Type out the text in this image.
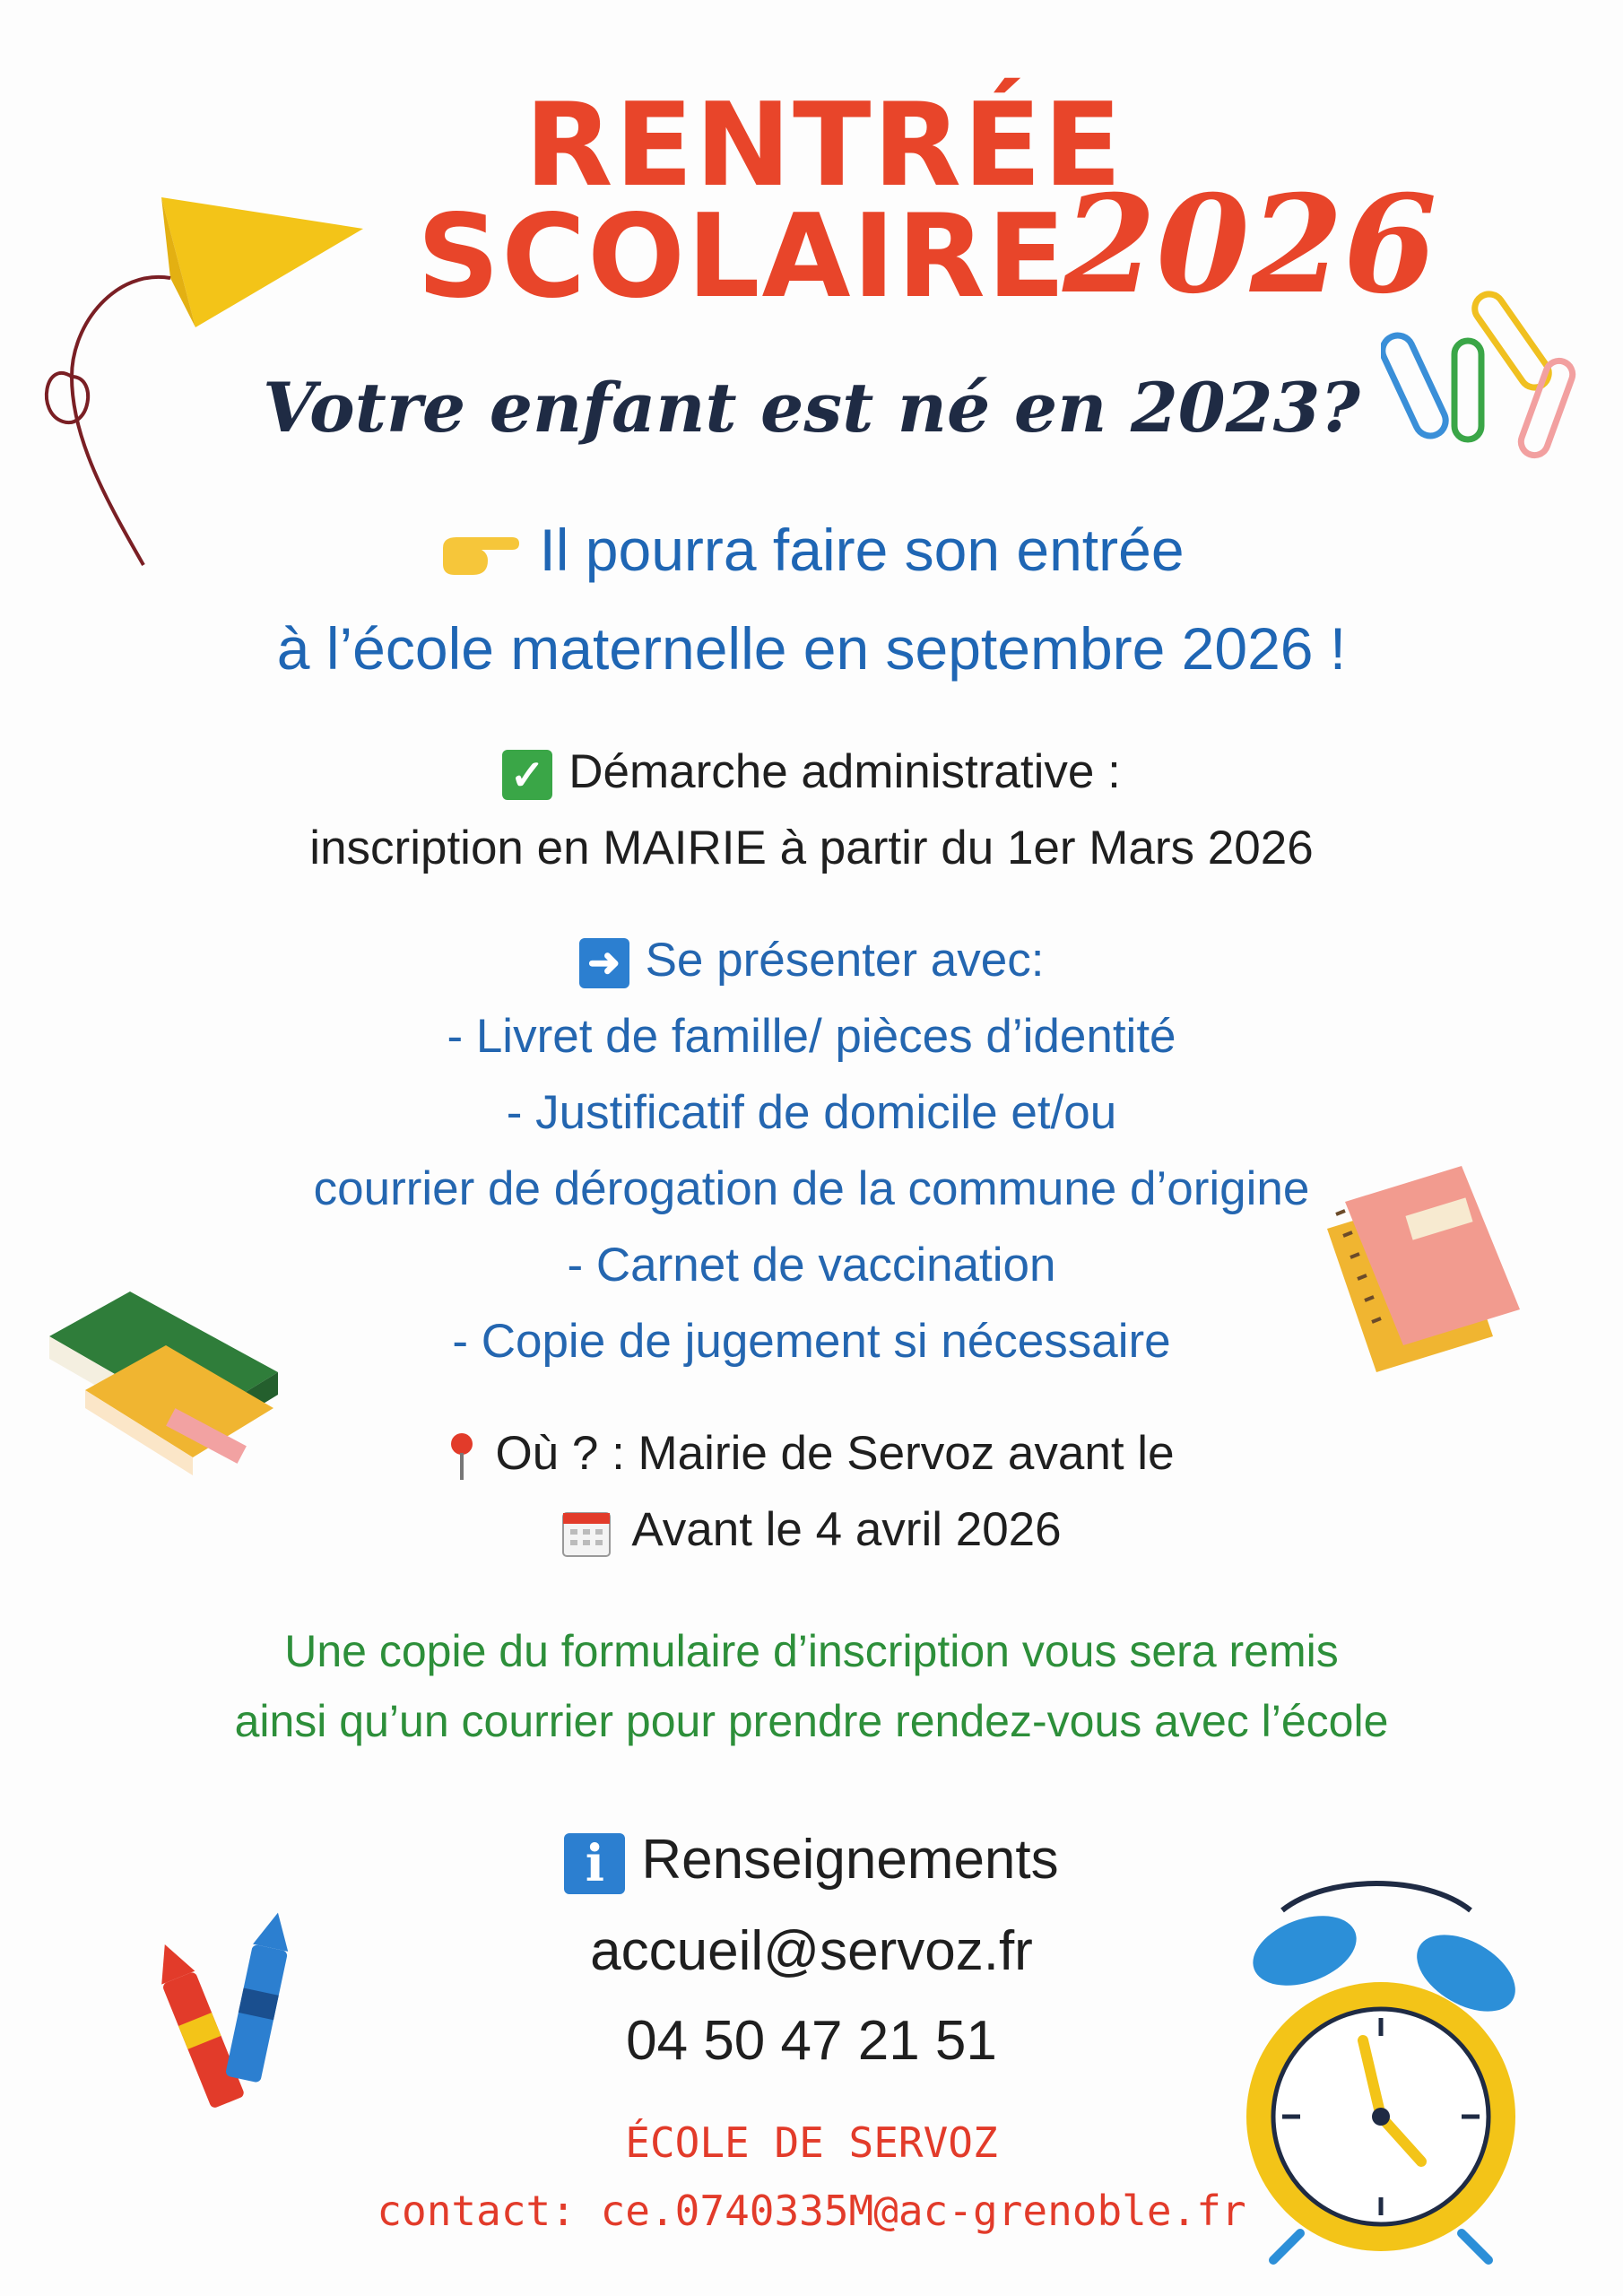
RENTRÉE
SCOLAIRE
2026
Votre enfant est né en 2023?
Il pourra faire son entrée
à l’école maternelle en septembre 2026 !
✓ Démarche administrative :
inscription en MAIRIE à partir du 1er Mars 2026
➜ Se présenter avec:
- Livret de famille/ pièces d’identité
- Justificatif de domicile et/ou
courrier de dérogation de la commune d’origine
- Carnet de vaccination
- Copie de jugement si nécessaire
Où ? : Mairie de Servoz avant le
Avant le 4 avril 2026
Une copie du formulaire d’inscription vous sera remis
ainsi qu’un courrier pour prendre rendez-vous avec l’école
i Renseignements
accueil@servoz.fr
04 50 47 21 51
ÉCOLE DE SERVOZ
contact: ce.0740335M@ac-grenoble.fr
